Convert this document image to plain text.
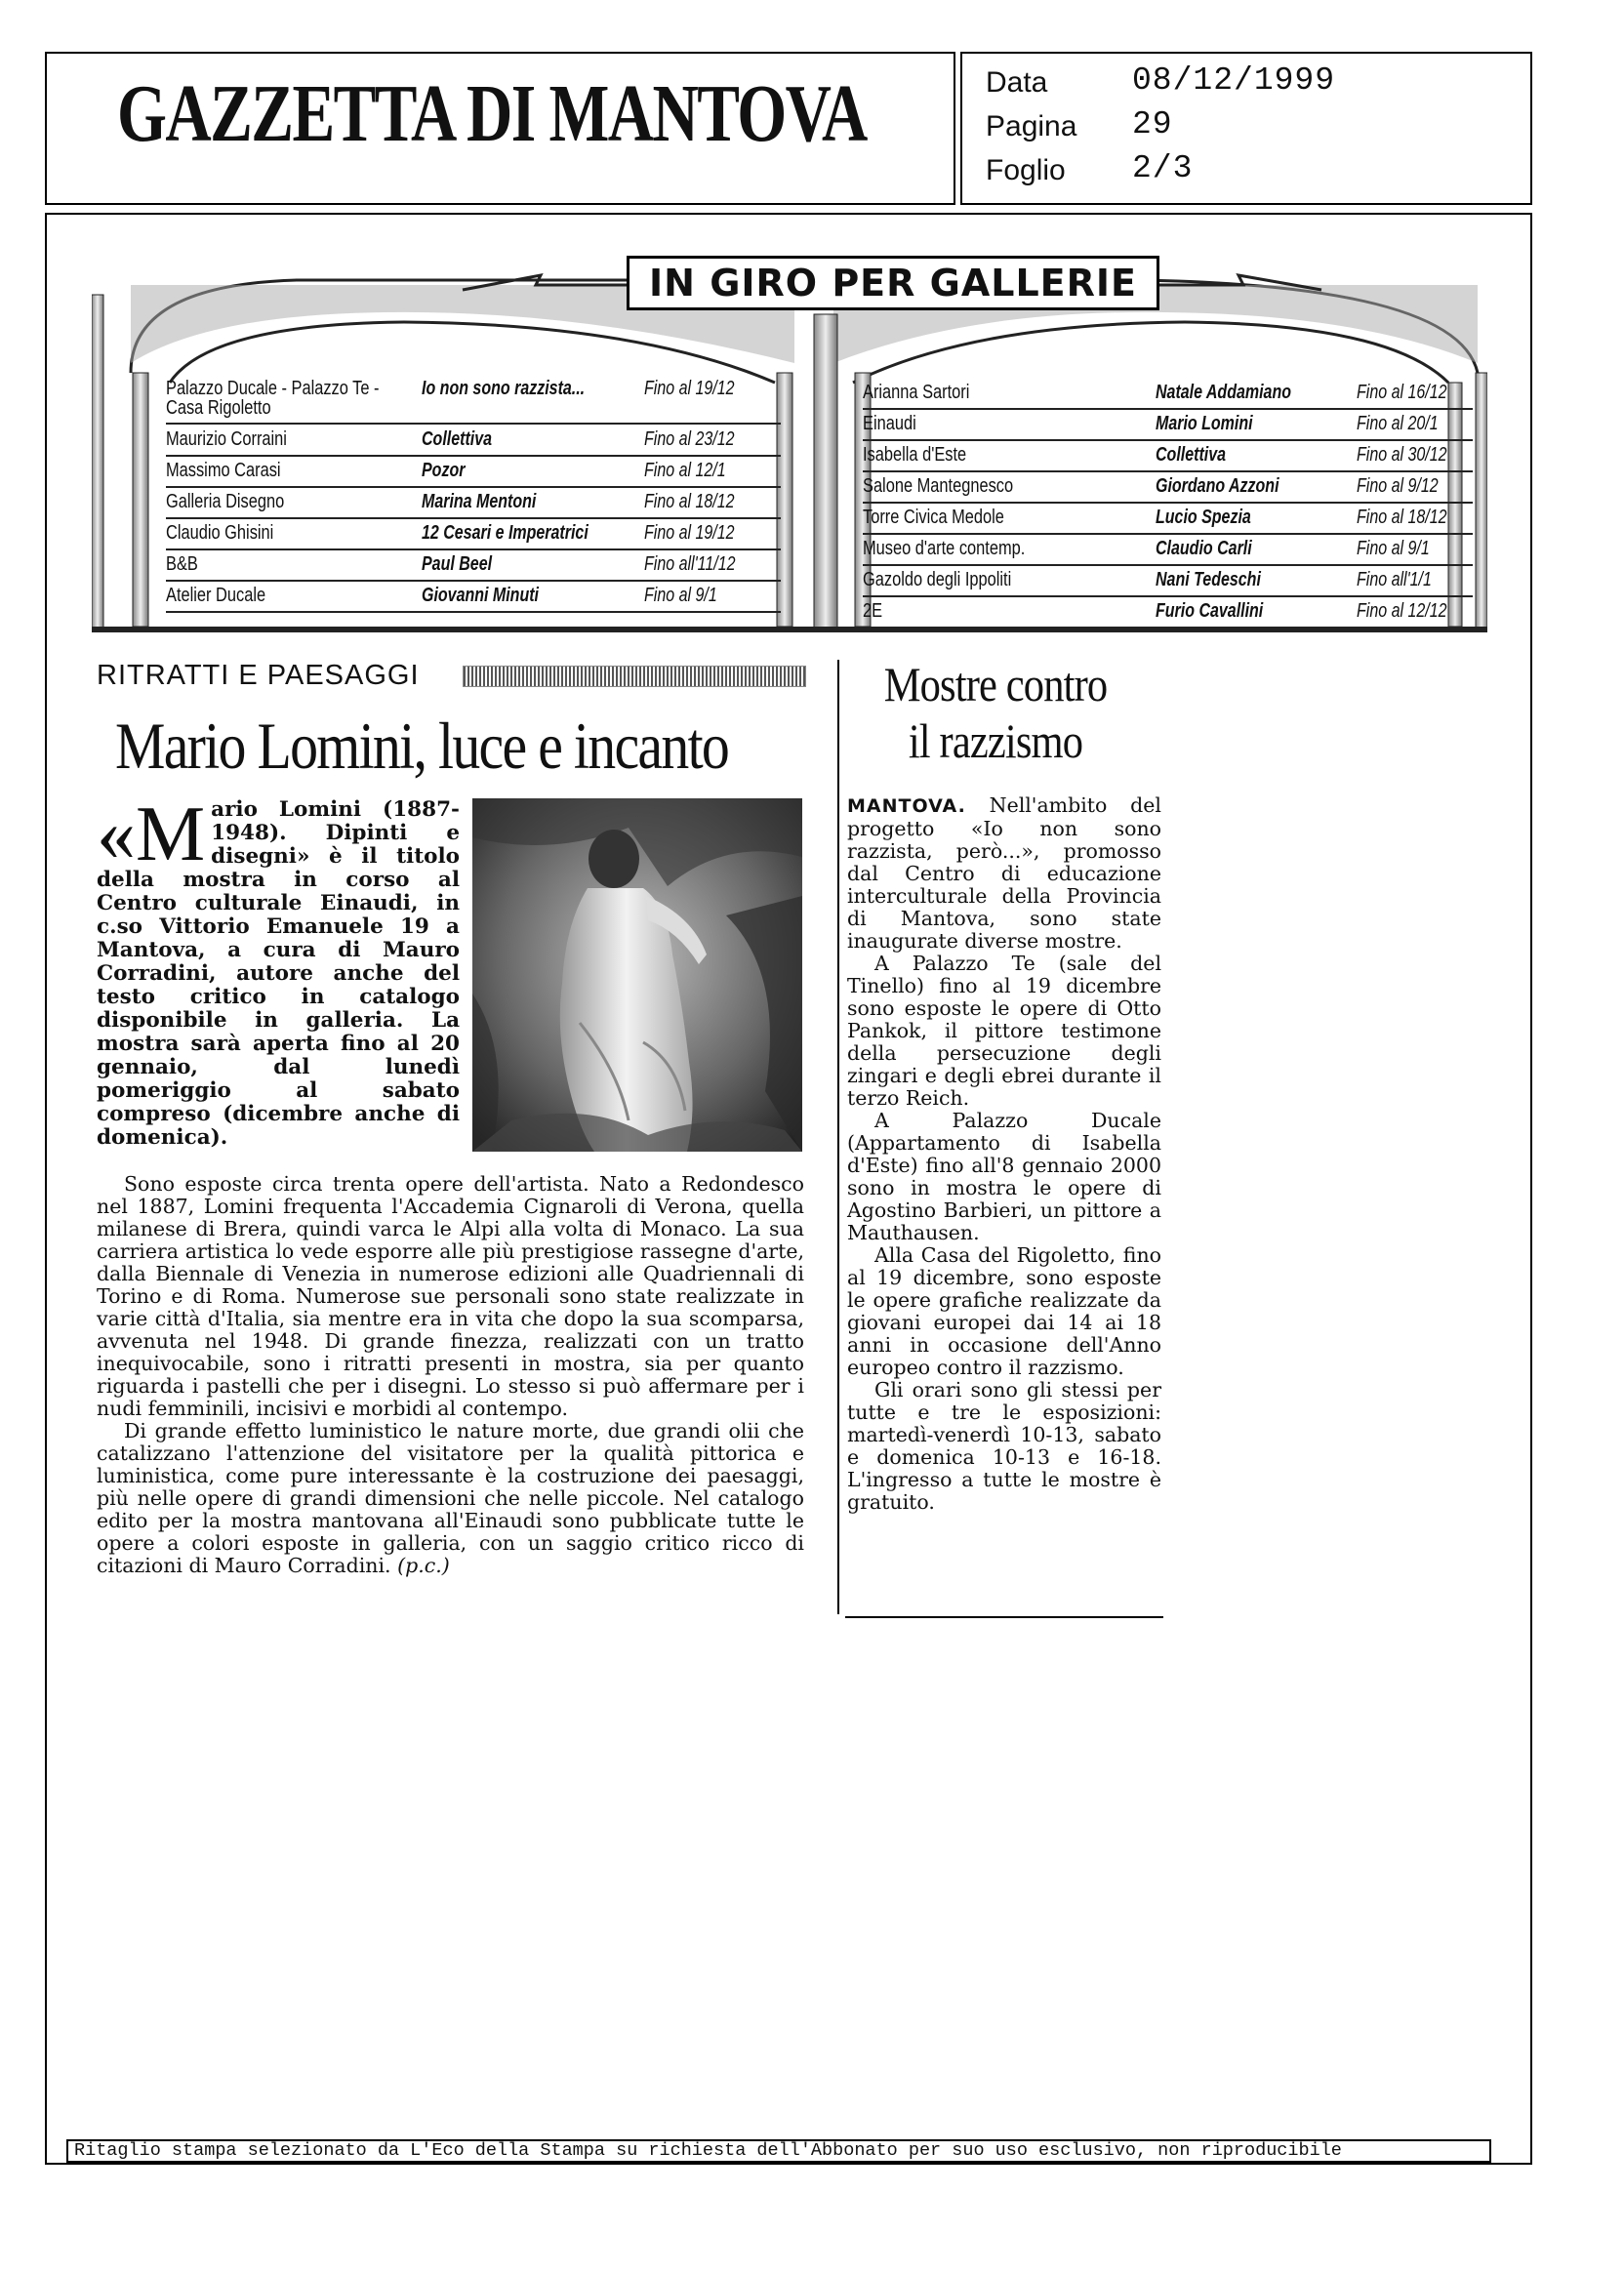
GAZZETTA DI MANTOVA	Data	08/12/1999
Pagina 29
Foglio 2/3
IN GIRO PER GALLERIE
Palazzo Ducale - Palazzo Te -
Casa Rigoletto
Io non sono razzista...	Fino al 19/12
Maurizio Corraini	Collettiva	Fino al 23/12
Massimo Carasi	Pozor	Fino al 12/1
Galleria Disegno	Marina Mentoni	Fino al 18/12
Claudio Ghisini	12 Cesari e Imperatrici	Fino al 19/12
B&B	Paul Beel	Fino all'11/12
Atelier Ducale	Giovanni Minuti	Fino al 9/1
Arianna Sartori	Natale Addamiano	Fino al 16/12
Einaudi	Mario Lomini	Fino al 20/1
Isabella d'Este	Collettiva	Fino al 30/12
Salone Mantegnesco	Giordano Azzoni	Fino al 9/12
Torre Civica Medole	Lucio Spezia	Fino al 18/12
Museo d'arte contemp.	Claudio Carli	Fino al 9/1
Gazoldo degli Ippoliti	Nani Tedeschi	Fino all'1/1
2E	Furio Cavallini	Fino al 12/12
RITRATTI E PAESAGGI
Mario Lomini, luce e incanto
«Mario Lomini (1887-1948). Dipinti e disegni» è il titolo della mostra in corso al Centro culturale Einaudi, in c.so Vittorio Emanuele 19 a Mantova, a cura di Mauro Corradini, autore anche del testo critico in catalogo disponibile in galleria. La mostra sarà aperta fino al 20 gennaio, dal lunedì pomeriggio al sabato compreso (dicembre anche di domenica).

Sono esposte circa trenta opere dell'artista. Nato a Redondesco nel 1887, Lomini frequenta l'Accademia Cignaroli di Verona, quella milanese di Brera, quindi varca le Alpi alla volta di Monaco. La sua carriera artistica lo vede esporre alle più prestigiose rassegne d'arte, dalla Biennale di Venezia in numerose edizioni alle Quadriennali di Torino e di Roma. Numerose sue personali sono state realizzate in varie città d'Italia, sia mentre era in vita che dopo la sua scomparsa, avvenuta nel 1948. Di grande finezza, realizzati con un tratto inequivocabile, sono i ritratti presenti in mostra, sia per quanto riguarda i pastelli che per i disegni. Lo stesso si può affermare per i nudi femminili, incisivi e morbidi al contempo.

Di grande effetto luministico le nature morte, due grandi olii che catalizzano l'attenzione del visitatore per la qualità pittorica e luministica, come pure interessante è la costruzione dei paesaggi, più nelle opere di grandi dimensioni che nelle piccole. Nel catalogo edito per la mostra mantovana all'Einaudi sono pubblicate tutte le opere a colori esposte in galleria, con un saggio critico ricco di citazioni di Mauro Corradini. (p.c.)

Mostre contro
il razzismo

MANTOVA. Nell'ambito del progetto «Io non sono razzista, però...», promosso dal Centro di educazione interculturale della Provincia di Mantova, sono state inaugurate diverse mostre.

A Palazzo Te (sale del Tinello) fino al 19 dicembre sono esposte le opere di Otto Pankok, il pittore testimone della persecuzione degli zingari e degli ebrei durante il terzo Reich.

A Palazzo Ducale (Appartamento di Isabella d'Este) fino all'8 gennaio 2000 sono in mostra le opere di Agostino Barbieri, un pittore a Mauthausen.

Alla Casa del Rigoletto, fino al 19 dicembre, sono esposte le opere grafiche realizzate da giovani europei dai 14 ai 18 anni in occasione dell'Anno europeo contro il razzismo.

Gli orari sono gli stessi per tutte e tre le esposizioni: martedì-venerdì 10-13, sabato e domenica 10-13 e 16-18. L'ingresso a tutte le mostre è gratuito.

Ritaglio stampa selezionato da L'Eco della Stampa su richiesta dell'Abbonato per suo uso esclusivo, non riproducibile
